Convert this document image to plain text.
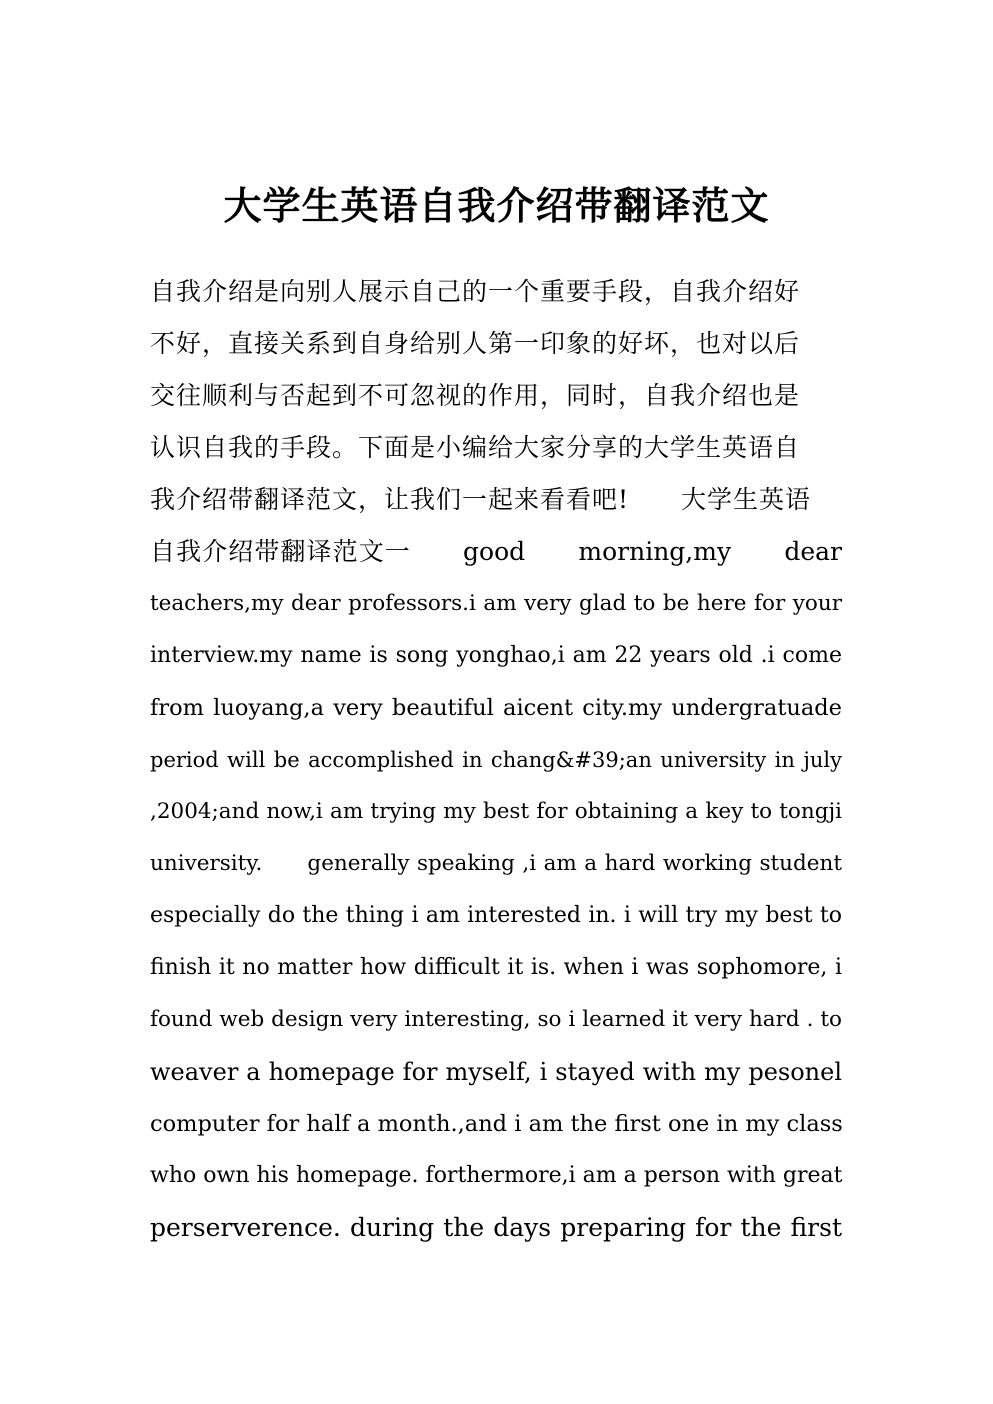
大学生英语自我介绍带翻译范文
自我介绍是向别人展示自己的一个重要手段，自我介绍好
不好，直接关系到自身给别人第一印象的好坏，也对以后
交往顺利与否起到不可忽视的作用，同时，自我介绍也是
认识自我的手段。下面是小编给大家分享的大学生英语自
我介绍带翻译范文，让我们一起来看看吧!　　大学生英语
自我介绍带翻译范文一　　good　　morning,my　　dear
teachers,my dear professors.i am very glad to be here for your
interview.my name is song yonghao,i am 22 years old .i come
from luoyang,a very beautiful aicent city.my undergratuade
period will be accomplished in chang&#39;an university in july
,2004;and now,i am trying my best for obtaining a key to tongji
university.　　generally speaking ,i am a hard working student
especially do the thing i am interested in. i will try my best to
finish it no matter how difficult it is. when i was sophomore, i
found web design very interesting, so i learned it very hard . to
weaver a homepage for myself, i stayed with my pesonel
computer for half a month.,and i am the first one in my class
who own his homepage. forthermore,i am a person with great
perserverence. during the days preparing for the first
